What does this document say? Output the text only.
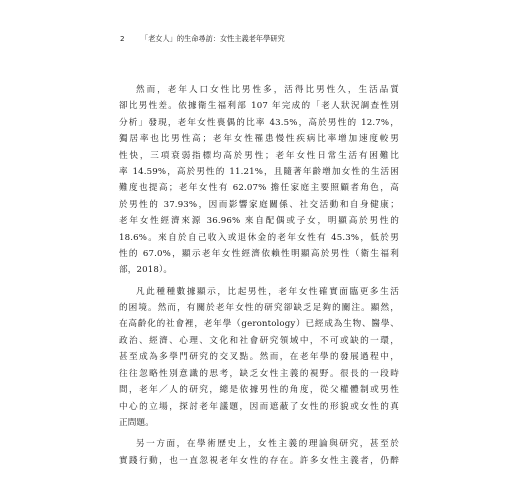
2 「老女人」的生命尋訪：女性主義老年學研究

然而，老年人口女性比男性多，活得比男性久，生活品質
卻比男性差。依據衛生福利部 107 年完成的「老人狀況調查性別
分析」發現，老年女性喪偶的比率 43.5%，高於男性的 12.7%，
獨居率也比男性高；老年女性罹患慢性疾病比率增加速度較男
性快，三項衰弱指標均高於男性；老年女性日常生活有困難比
率 14.59%，高於男性的 11.21%，且隨著年齡增加女性的生活困
難度也提高；老年女性有 62.07% 擔任家庭主要照顧者角色，高
於男性的 37.93%，因而影響家庭關係、社交活動和自身健康；
老年女性經濟來源 36.96% 來自配偶或子女，明顯高於男性的
18.6%。來自於自己收入或退休金的老年女性有 45.3%，低於男
性的 67.0%，顯示老年女性經濟依賴性明顯高於男性（衛生福利
部，2018）。

凡此種種數據顯示，比起男性，老年女性確實面臨更多生活
的困境。然而，有關於老年女性的研究卻缺乏足夠的關注。顯然，
在高齡化的社會裡，老年學（gerontology）已經成為生物、醫學、
政治、經濟、心理、文化和社會研究領域中，不可或缺的一環，
甚至成為多學門研究的交叉點。然而，在老年學的發展過程中，
往往忽略性別意識的思考，缺乏女性主義的視野。很長的一段時
間，老年／人的研究，總是依據男性的角度，從父權體制或男性
中心的立場，探討老年議題，因而遮蔽了女性的形貌或女性的真
正問題。

另一方面，在學術歷史上，女性主義的理論與研究，甚至於
實踐行動，也一直忽視老年女性的存在。許多女性主義者，仍醉
